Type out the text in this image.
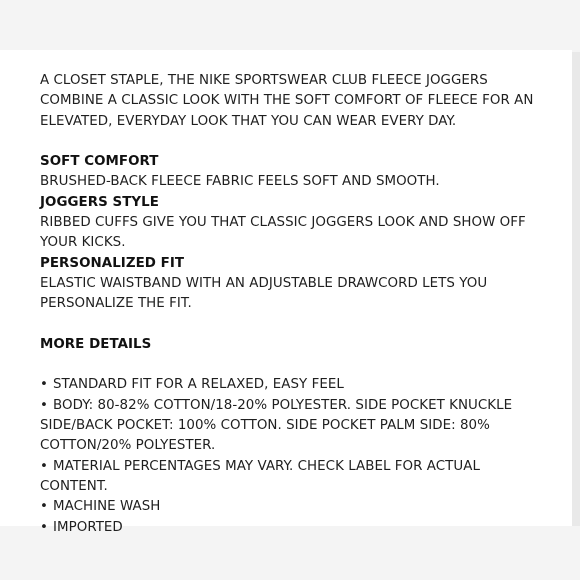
A CLOSET STAPLE, THE NIKE SPORTSWEAR CLUB FLEECE JOGGERS COMBINE A CLASSIC LOOK WITH THE SOFT COMFORT OF FLEECE FOR AN ELEVATED, EVERYDAY LOOK THAT YOU CAN WEAR EVERY DAY.

SOFT COMFORT

BRUSHED-BACK FLEECE FABRIC FEELS SOFT AND SMOOTH.

JOGGERS STYLE

RIBBED CUFFS GIVE YOU THAT CLASSIC JOGGERS LOOK AND SHOW OFF YOUR KICKS.

PERSONALIZED FIT

ELASTIC WAISTBAND WITH AN ADJUSTABLE DRAWCORD LETS YOU PERSONALIZE THE FIT.

MORE DETAILS

• STANDARD FIT FOR A RELAXED, EASY FEEL

• BODY: 80-82% COTTON/18-20% POLYESTER. SIDE POCKET KNUCKLE SIDE/BACK POCKET: 100% COTTON. SIDE POCKET PALM SIDE: 80% COTTON/20% POLYESTER.

• MATERIAL PERCENTAGES MAY VARY. CHECK LABEL FOR ACTUAL CONTENT.

• MACHINE WASH

• IMPORTED
